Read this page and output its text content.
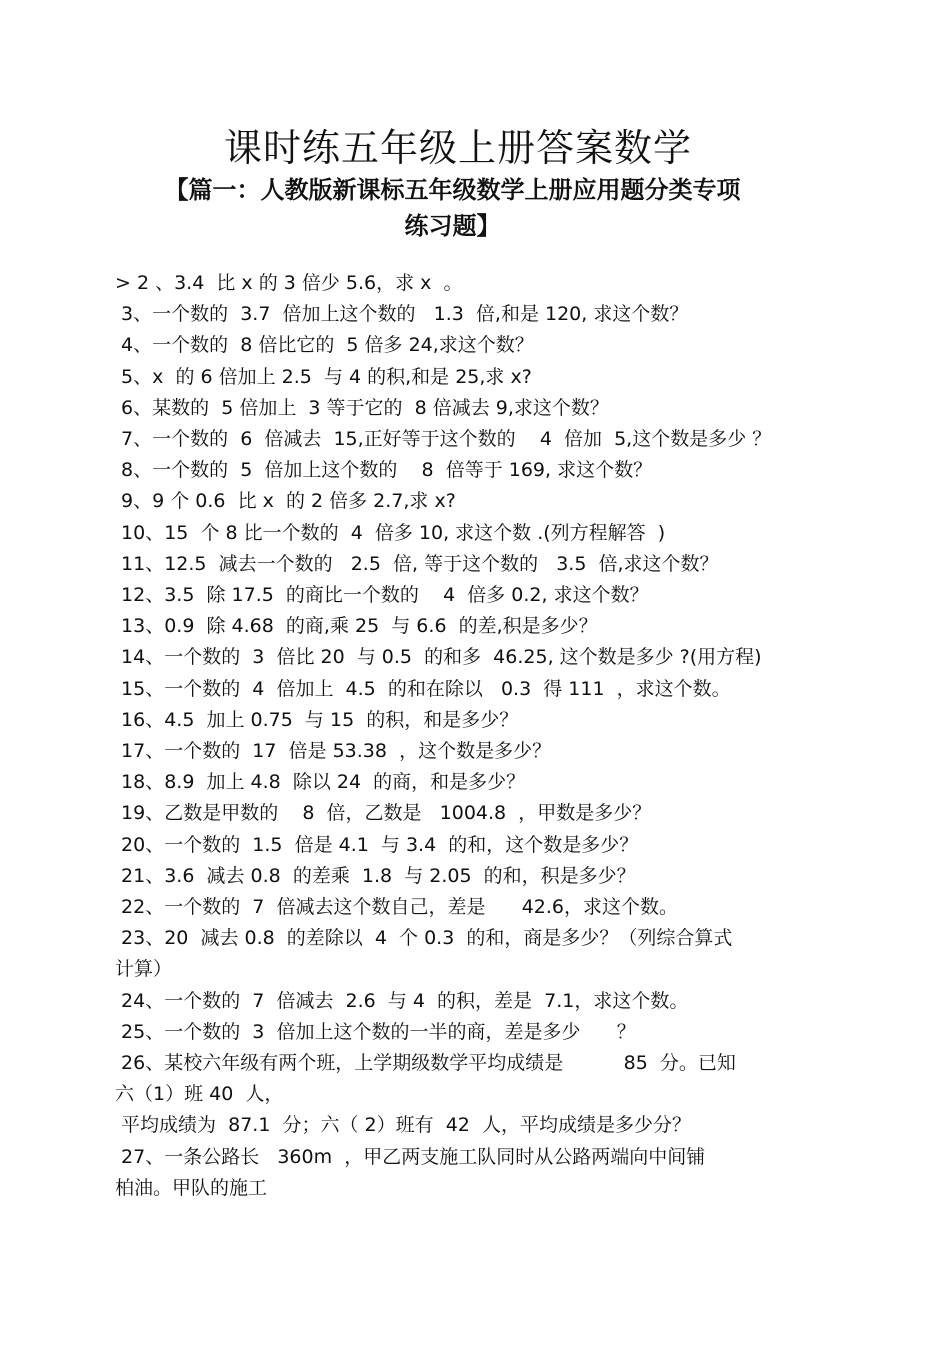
课时练五年级上册答案数学
【篇一：人教版新课标五年级数学上册应用题分类专项
练习题】
> 2 、3.4  比 x 的 3 倍少 5.6，求 x  。
3、一个数的  3.7  倍加上这个数的   1.3  倍,和是 120, 求这个数？
4、一个数的  8 倍比它的  5 倍多 24,求这个数？
5、x  的 6 倍加上 2.5  与 4 的积,和是 25,求 x?
6、某数的  5 倍加上  3 等于它的  8 倍减去 9,求这个数？
7、一个数的  6  倍减去  15,正好等于这个数的    4  倍加  5,这个数是多少 ？
8、一个数的  5  倍加上这个数的    8  倍等于 169, 求这个数？
9、9 个 0.6  比 x  的 2 倍多 2.7,求 x?
10、15  个 8 比一个数的  4  倍多 10, 求这个数 .(列方程解答  )
11、12.5  减去一个数的   2.5  倍, 等于这个数的   3.5  倍,求这个数？
12、3.5  除 17.5  的商比一个数的    4  倍多 0.2, 求这个数？
13、0.9  除 4.68  的商,乘 25  与 6.6  的差,积是多少？
14、一个数的  3  倍比 20  与 0.5  的和多  46.25, 这个数是多少 ?(用方程)
15、一个数的  4  倍加上  4.5  的和在除以   0.3  得 111  ，求这个数。
16、4.5  加上 0.75  与 15  的积，和是多少？
17、一个数的  17  倍是 53.38  ，这个数是多少？
18、8.9  加上 4.8  除以 24  的商，和是多少？
19、乙数是甲数的    8  倍，乙数是   1004.8  ，甲数是多少？
20、一个数的  1.5  倍是 4.1  与 3.4  的和，这个数是多少？
21、3.6  减去 0.8  的差乘  1.8  与 2.05  的和，积是多少？
22、一个数的  7  倍减去这个数自己，差是      42.6，求这个数。
23、20  减去 0.8  的差除以  4  个 0.3  的和，商是多少？（列综合算式
计算）
24、一个数的  7  倍减去  2.6  与 4  的积，差是  7.1，求这个数。
25、一个数的  3  倍加上这个数的一半的商，差是多少      ？
26、某校六年级有两个班，上学期级数学平均成绩是          85  分。已知
六（1）班 40  人，
平均成绩为  87.1  分；六（ 2）班有  42  人，平均成绩是多少分？
27、一条公路长   360m  ，甲乙两支施工队同时从公路两端向中间铺
柏油。甲队的施工
